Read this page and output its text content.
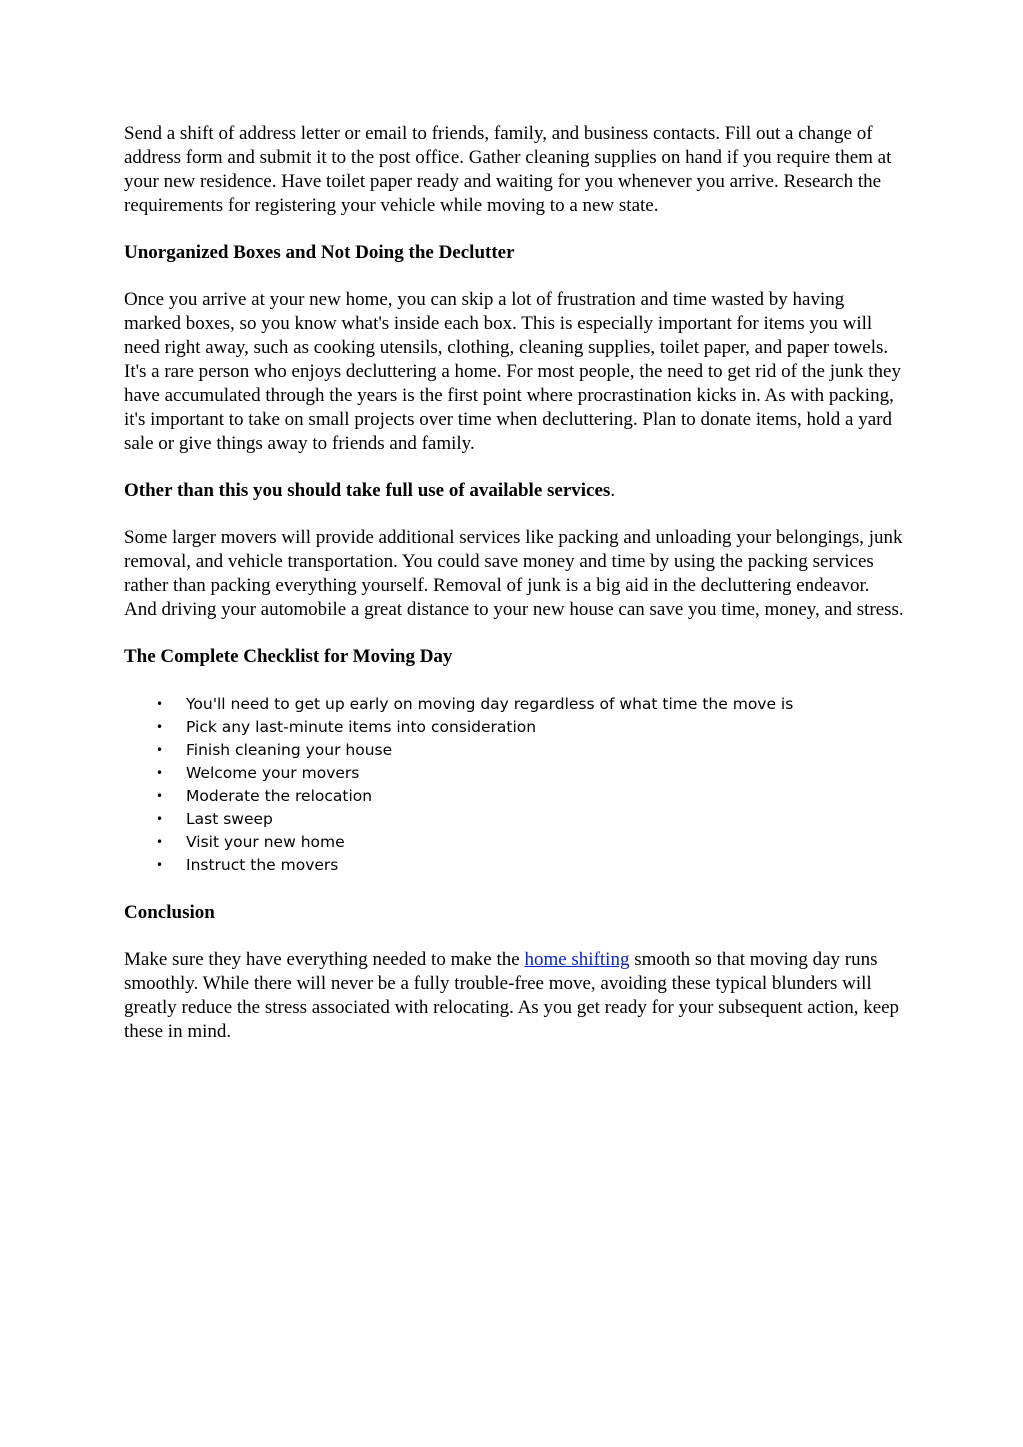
Send a shift of address letter or email to friends, family, and business contacts. Fill out a change of address form and submit it to the post office. Gather cleaning supplies on hand if you require them at your new residence. Have toilet paper ready and waiting for you whenever you arrive. Research the requirements for registering your vehicle while moving to a new state.

Unorganized Boxes and Not Doing the Declutter

Once you arrive at your new home, you can skip a lot of frustration and time wasted by having marked boxes, so you know what's inside each box. This is especially important for items you will need right away, such as cooking utensils, clothing, cleaning supplies, toilet paper, and paper towels.

It's a rare person who enjoys decluttering a home. For most people, the need to get rid of the junk they have accumulated through the years is the first point where procrastination kicks in. As with packing, it's important to take on small projects over time when decluttering. Plan to donate items, hold a yard sale or give things away to friends and family.

Other than this you should take full use of available services.

Some larger movers will provide additional services like packing and unloading your belongings, junk removal, and vehicle transportation. You could save money and time by using the packing services rather than packing everything yourself. Removal of junk is a big aid in the decluttering endeavor. And driving your automobile a great distance to your new house can save you time, money, and stress.

The Complete Checklist for Moving Day

• You'll need to get up early on moving day regardless of what time the move is
• Pick any last-minute items into consideration
• Finish cleaning your house
• Welcome your movers
• Moderate the relocation
• Last sweep
• Visit your new home
• Instruct the movers

Conclusion

Make sure they have everything needed to make the home shifting smooth so that moving day runs smoothly. While there will never be a fully trouble-free move, avoiding these typical blunders will greatly reduce the stress associated with relocating. As you get ready for your subsequent action, keep these in mind.
